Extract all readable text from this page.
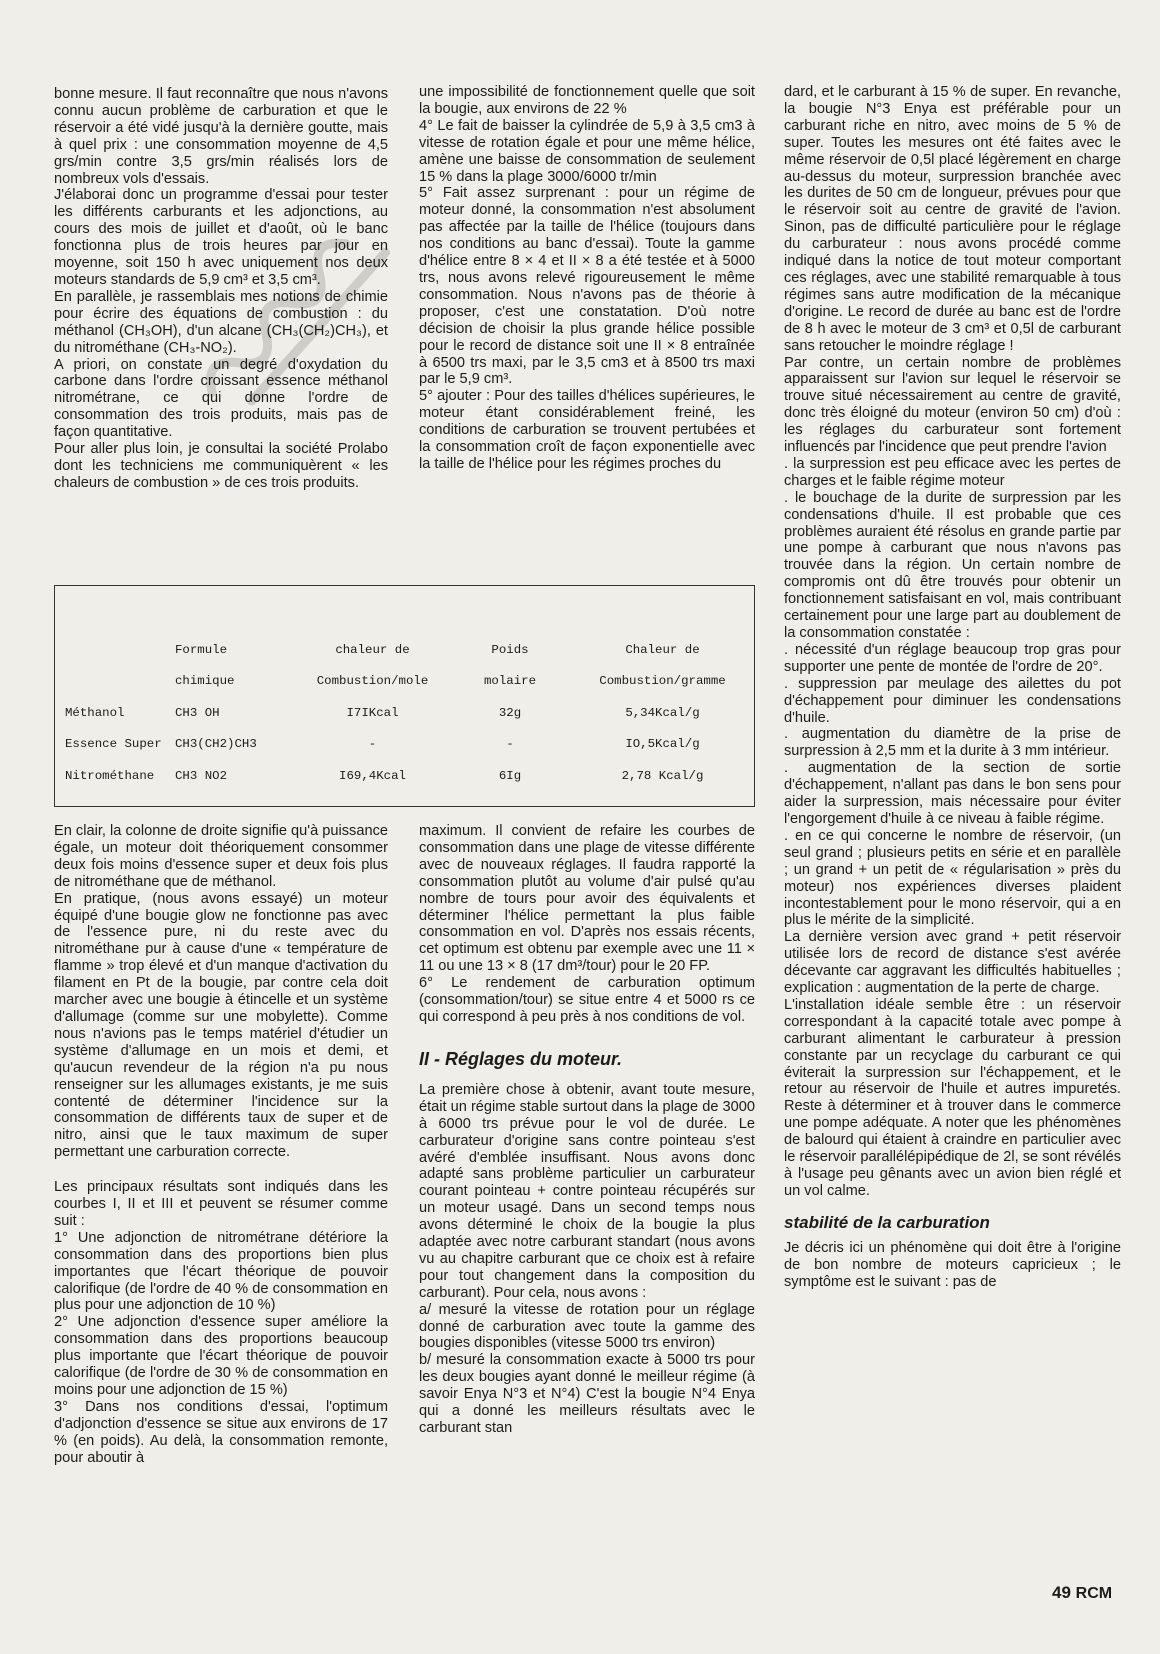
bonne mesure. Il faut reconnaître que nous n'avons connu aucun problème de carburation et que le réservoir a été vidé jusqu'à la dernière goutte, mais à quel prix : une consommation moyenne de 4,5 grs/min contre 3,5 grs/min réalisés lors de nombreux vols d'essais.

J'élaborai donc un programme d'essai pour tester les différents carburants et les adjonctions, au cours des mois de juillet et d'août, où le banc fonctionna plus de trois heures par jour en moyenne, soit 150 h avec uniquement nos deux moteurs standards de 5,9 cm³ et 3,5 cm³.

En parallèle, je rassemblais mes notions de chimie pour écrire des équations de combustion : du méthanol (CH₃OH), d'un alcane (CH₃(CH₂)CH₃), et du nitrométhane (CH₃-NO₂).

A priori, on constate un degré d'oxydation du carbone dans l'ordre croissant essence méthanol nitrométrane, ce qui donne l'ordre de consommation des trois produits, mais pas de façon quantitative.

Pour aller plus loin, je consultai la société Prolabo dont les techniciens me communiquèrent « les chaleurs de combustion » de ces trois produits.

une impossibilité de fonctionnement quelle que soit la bougie, aux environs de 22 %

4° Le fait de baisser la cylindrée de 5,9 à 3,5 cm3 à vitesse de rotation égale et pour une même hélice, amène une baisse de consommation de seulement 15 % dans la plage 3000/6000 tr/min

5° Fait assez surprenant : pour un régime de moteur donné, la consommation n'est absolument pas affectée par la taille de l'hélice (toujours dans nos conditions au banc d'essai). Toute la gamme d'hélice entre 8 × 4 et II × 8 a été testée et à 5000 trs, nous avons relevé rigoureusement le même consommation. Nous n'avons pas de théorie à proposer, c'est une constatation. D'où notre décision de choisir la plus grande hélice possible pour le record de distance soit une II × 8 entraînée à 6500 trs maxi, par le 3,5 cm3 et à 8500 trs maxi par le 5,9 cm³.

5° ajouter : Pour des tailles d'hélices supérieures, le moteur étant considérablement freiné, les conditions de carburation se trouvent pertubées et la consommation croît de façon exponentielle avec la taille de l'hélice pour les régimes proches du

dard, et le carburant à 15 % de super. En revanche, la bougie N°3 Enya est préférable pour un carburant riche en nitro, avec moins de 5 % de super. Toutes les mesures ont été faites avec le même réservoir de 0,5l placé légèrement en charge au-dessus du moteur, surpression branchée avec les durites de 50 cm de longueur, prévues pour que le réservoir soit au centre de gravité de l'avion. Sinon, pas de difficulté particulière pour le réglage du carburateur : nous avons procédé comme indiqué dans la notice de tout moteur comportant ces réglages, avec une stabilité remarquable à tous régimes sans autre modification de la mécanique d'origine. Le record de durée au banc est de l'ordre de 8 h avec le moteur de 3 cm³ et 0,5l de carburant sans retoucher le moindre réglage !

Par contre, un certain nombre de problèmes apparaissent sur l'avion sur lequel le réservoir se trouve situé nécessairement au centre de gravité, donc très éloigné du moteur (environ 50 cm) d'où : les réglages du carburateur sont fortement influencés par l'incidence que peut prendre l'avion

. la surpression est peu efficace avec les pertes de charges et le faible régime moteur

. le bouchage de la durite de surpression par les condensations d'huile. Il est probable que ces problèmes auraient été résolus en grande partie par une pompe à carburant que nous n'avons pas trouvée dans la région. Un certain nombre de compromis ont dû être trouvés pour obtenir un fonctionnement satisfaisant en vol, mais contribuant certainement pour une large part au doublement de la consommation constatée :

. nécessité d'un réglage beaucoup trop gras pour supporter une pente de montée de l'ordre de 20°.

. suppression par meulage des ailettes du pot d'échappement pour diminuer les condensations d'huile.

. augmentation du diamètre de la prise de surpression à 2,5 mm et la durite à 3 mm intérieur.

. augmentation de la section de sortie d'échappement, n'allant pas dans le bon sens pour aider la surpression, mais nécessaire pour éviter l'engorgement d'huile à ce niveau à faible régime.

. en ce qui concerne le nombre de réservoir, (un seul grand ; plusieurs petits en série et en parallèle ; un grand + un petit de « régularisation » près du moteur) nos expériences diverses plaident incontestablement pour le mono réservoir, qui a en plus le mérite de la simplicité.

La dernière version avec grand + petit réservoir utilisée lors de record de distance s'est avérée décevante car aggravant les difficultés habituelles ; explication : augmentation de la perte de charge.

L'installation idéale semble être : un réservoir correspondant à la capacité totale avec pompe à carburant alimentant le carburateur à pression constante par un recyclage du carburant ce qui éviterait la surpression sur l'échappement, et le retour au réservoir de l'huile et autres impuretés. Reste à déterminer et à trouver dans le commerce une pompe adéquate. A noter que les phénomènes de balourd qui étaient à craindre en particulier avec le réservoir parallélépipédique de 2l, se sont révélés à l'usage peu gênants avec un avion bien réglé et un vol calme.

stabilité de la carburation

Je décris ici un phénomène qui doit être à l'origine de bon nombre de moteurs capricieux ; le symptôme est le suivant : pas de

	Formule	chaleur de	Poids	Chaleur de
	chimique	Combustion/mole	molaire	Combustion/gramme
Méthanol	CH3 OH	I7IKcal	32g	5,34Kcal/g
Essence Super	CH3(CH2)CH3	-	-	IO,5Kcal/g
Nitrométhane	CH3 NO2	I69,4Kcal	6Ig	2,78 Kcal/g

En clair, la colonne de droite signifie qu'à puissance égale, un moteur doit théoriquement consommer deux fois moins d'essence super et deux fois plus de nitrométhane que de méthanol.

En pratique, (nous avons essayé) un moteur équipé d'une bougie glow ne fonctionne pas avec de l'essence pure, ni du reste avec du nitrométhane pur à cause d'une « température de flamme » trop élevé et d'un manque d'activation du filament en Pt de la bougie, par contre cela doit marcher avec une bougie à étincelle et un système d'allumage (comme sur une mobylette). Comme nous n'avions pas le temps matériel d'étudier un système d'allumage en un mois et demi, et qu'aucun revendeur de la région n'a pu nous renseigner sur les allumages existants, je me suis contenté de déterminer l'incidence sur la consommation de différents taux de super et de nitro, ainsi que le taux maximum de super permettant une carburation correcte.

Les principaux résultats sont indiqués dans les courbes I, II et III et peuvent se résumer comme suit :

1° Une adjonction de nitrométrane détériore la consommation dans des proportions bien plus importantes que l'écart théorique de pouvoir calorifique (de l'ordre de 40 % de consommation en plus pour une adjonction de 10 %)

2° Une adjonction d'essence super améliore la consommation dans des proportions beaucoup plus importante que l'écart théorique de pouvoir calorifique (de l'ordre de 30 % de consommation en moins pour une adjonction de 15 %)

3° Dans nos conditions d'essai, l'optimum d'adjonction d'essence se situe aux environs de 17 % (en poids). Au delà, la consommation remonte, pour aboutir à

maximum. Il convient de refaire les courbes de consommation dans une plage de vitesse différente avec de nouveaux réglages. Il faudra rapporté la consommation plutôt au volume d'air pulsé qu'au nombre de tours pour avoir des équivalents et déterminer l'hélice permettant la plus faible consommation en vol. D'après nos essais récents, cet optimum est obtenu par exemple avec une 11 × 11 ou une 13 × 8 (17 dm³/tour) pour le 20 FP.

6° Le rendement de carburation optimum (consommation/tour) se situe entre 4 et 5000 rs ce qui correspond à peu près à nos conditions de vol.

II - Réglages du moteur.

La première chose à obtenir, avant toute mesure, était un régime stable surtout dans la plage de 3000 à 6000 trs prévue pour le vol de durée. Le carburateur d'origine sans contre pointeau s'est avéré d'emblée insuffisant. Nous avons donc adapté sans problème particulier un carburateur courant pointeau + contre pointeau récupérés sur un moteur usagé. Dans un second temps nous avons déterminé le choix de la bougie la plus adaptée avec notre carburant standart (nous avons vu au chapitre carburant que ce choix est à refaire pour tout changement dans la composition du carburant). Pour cela, nous avons :

a/ mesuré la vitesse de rotation pour un réglage donné de carburation avec toute la gamme des bougies disponibles (vitesse 5000 trs environ)

b/ mesuré la consommation exacte à 5000 trs pour les deux bougies ayant donné le meilleur régime (à savoir Enya N°3 et N°4) C'est la bougie N°4 Enya qui a donné les meilleurs résultats avec le carburant stan

49 RCM
